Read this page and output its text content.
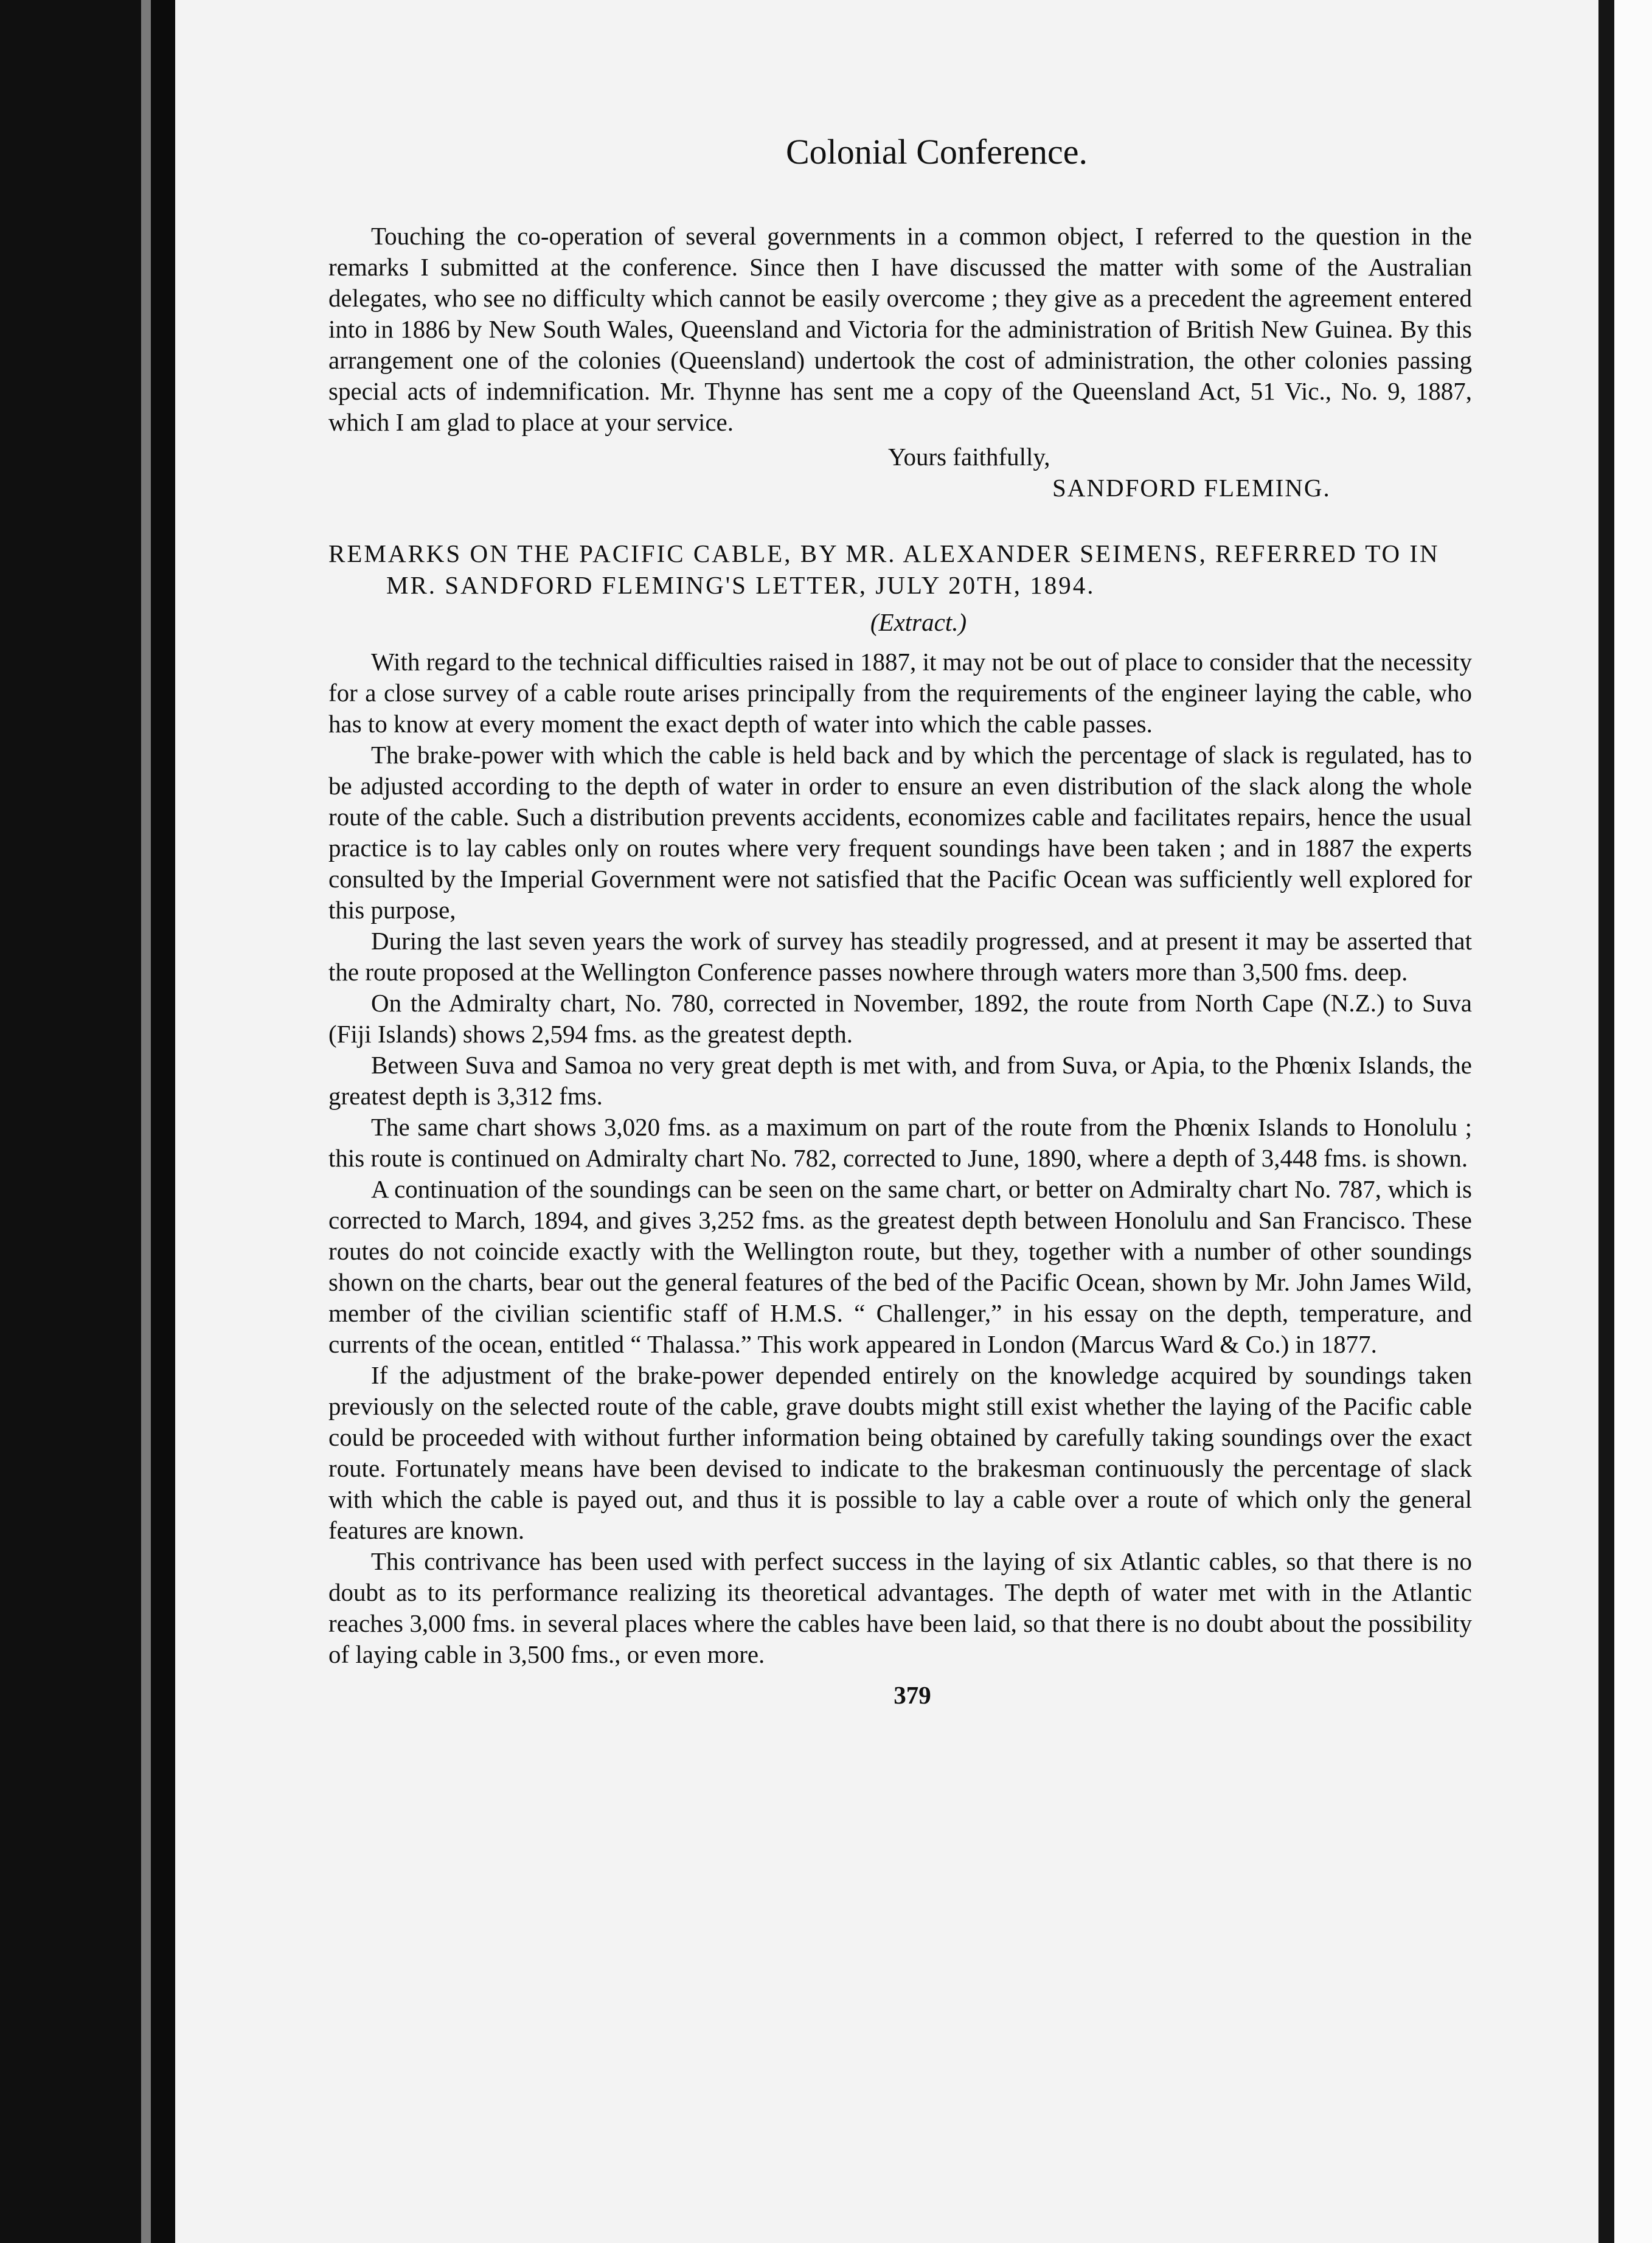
Colonial Conference.

Touching the co-operation of several governments in a common object, I referred to the question in the remarks I submitted at the conference. Since then I have discussed the matter with some of the Australian delegates, who see no difficulty which cannot be easily overcome ; they give as a precedent the agreement entered into in 1886 by New South Wales, Queensland and Victoria for the administration of British New Guinea. By this arrangement one of the colonies (Queensland) undertook the cost of administration, the other colonies passing special acts of indemnification. Mr. Thynne has sent me a copy of the Queensland Act, 51 Vic., No. 9, 1887, which I am glad to place at your service.

Yours faithfully,
SANDFORD FLEMING.

REMARKS ON THE PACIFIC CABLE, BY MR. ALEXANDER SEIMENS, REFERRED TO IN MR. SANDFORD FLEMING'S LETTER, JULY 20TH, 1894.

(Extract.)

With regard to the technical difficulties raised in 1887, it may not be out of place to consider that the necessity for a close survey of a cable route arises principally from the requirements of the engineer laying the cable, who has to know at every moment the exact depth of water into which the cable passes.

The brake-power with which the cable is held back and by which the percentage of slack is regulated, has to be adjusted according to the depth of water in order to ensure an even distribution of the slack along the whole route of the cable. Such a distribution prevents accidents, economizes cable and facilitates repairs, hence the usual practice is to lay cables only on routes where very frequent soundings have been taken ; and in 1887 the experts consulted by the Imperial Government were not satisfied that the Pacific Ocean was sufficiently well explored for this purpose,

During the last seven years the work of survey has steadily progressed, and at present it may be asserted that the route proposed at the Wellington Conference passes nowhere through waters more than 3,500 fms. deep.

On the Admiralty chart, No. 780, corrected in November, 1892, the route from North Cape (N.Z.) to Suva (Fiji Islands) shows 2,594 fms. as the greatest depth.

Between Suva and Samoa no very great depth is met with, and from Suva, or Apia, to the Phœnix Islands, the greatest depth is 3,312 fms.

The same chart shows 3,020 fms. as a maximum on part of the route from the Phœnix Islands to Honolulu ; this route is continued on Admiralty chart No. 782, corrected to June, 1890, where a depth of 3,448 fms. is shown.

A continuation of the soundings can be seen on the same chart, or better on Admiralty chart No. 787, which is corrected to March, 1894, and gives 3,252 fms. as the greatest depth between Honolulu and San Francisco. These routes do not coincide exactly with the Wellington route, but they, together with a number of other soundings shown on the charts, bear out the general features of the bed of the Pacific Ocean, shown by Mr. John James Wild, member of the civilian scientific staff of H.M.S. “ Challenger,” in his essay on the depth, temperature, and currents of the ocean, entitled “ Thalassa.” This work appeared in London (Marcus Ward & Co.) in 1877.

If the adjustment of the brake-power depended entirely on the knowledge acquired by soundings taken previously on the selected route of the cable, grave doubts might still exist whether the laying of the Pacific cable could be proceeded with without further information being obtained by carefully taking soundings over the exact route. Fortunately means have been devised to indicate to the brakesman continuously the percentage of slack with which the cable is payed out, and thus it is possible to lay a cable over a route of which only the general features are known.

This contrivance has been used with perfect success in the laying of six Atlantic cables, so that there is no doubt as to its performance realizing its theoretical advantages. The depth of water met with in the Atlantic reaches 3,000 fms. in several places where the cables have been laid, so that there is no doubt about the possibility of laying cable in 3,500 fms., or even more.

379
